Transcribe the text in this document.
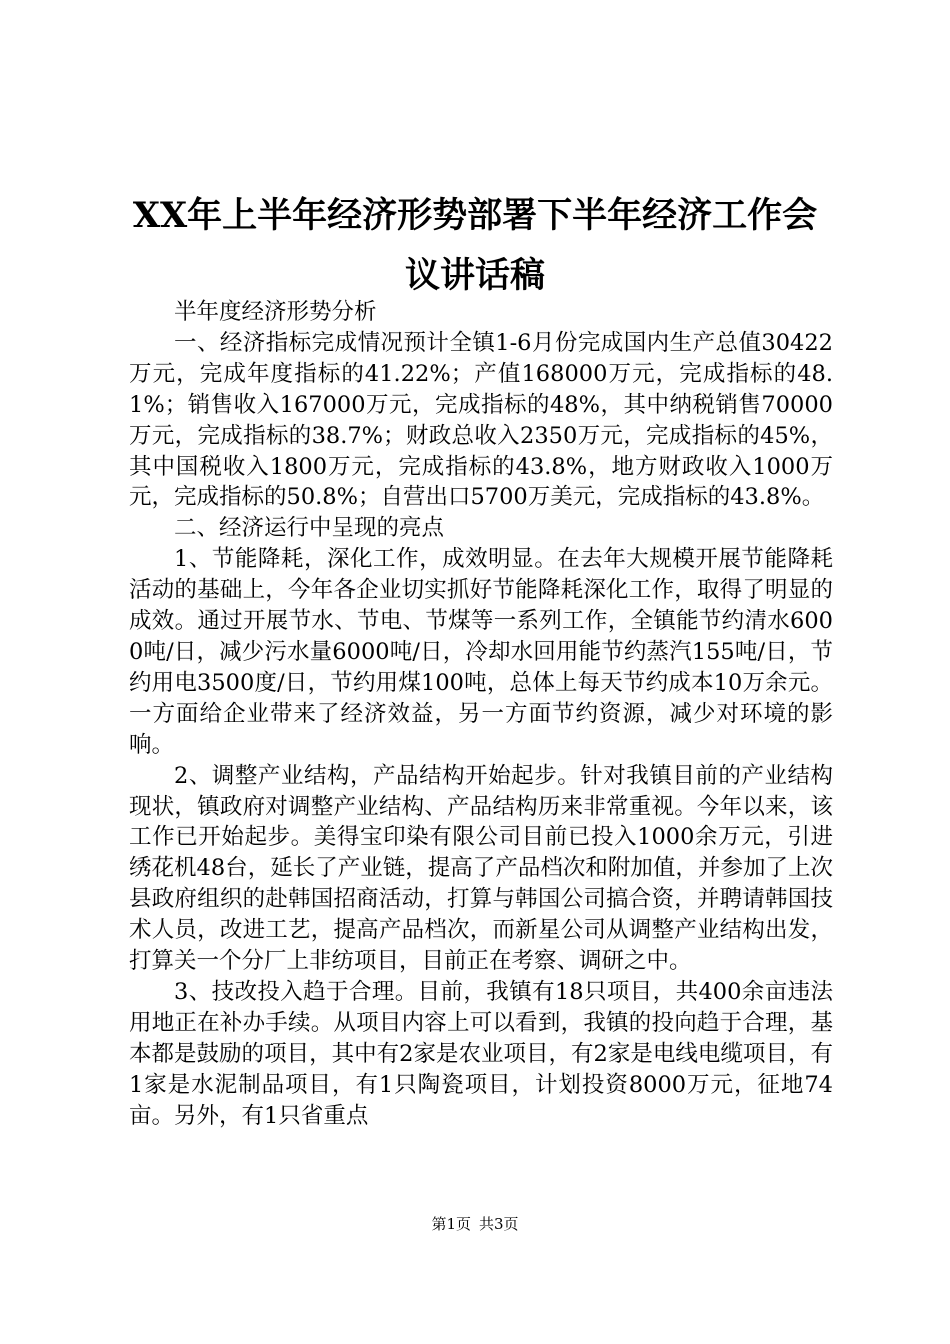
XX年上半年经济形势部署下半年经济工作会议讲话稿

半年度经济形势分析

一、经济指标完成情况预计全镇1-6月份完成国内生产总值30422万元，完成年度指标的41.22%；产值168000万元，完成指标的48.1%；销售收入167000万元，完成指标的48%，其中纳税销售70000万元，完成指标的38.7%；财政总收入2350万元，完成指标的45%，其中国税收入1800万元，完成指标的43.8%，地方财政收入1000万元，完成指标的50.8%；自营出口5700万美元，完成指标的43.8%。

二、经济运行中呈现的亮点

1、节能降耗，深化工作，成效明显。在去年大规模开展节能降耗活动的基础上，今年各企业切实抓好节能降耗深化工作，取得了明显的成效。通过开展节水、节电、节煤等一系列工作，全镇能节约清水6000吨/日，减少污水量6000吨/日，冷却水回用能节约蒸汽155吨/日，节约用电3500度/日，节约用煤100吨，总体上每天节约成本10万余元。一方面给企业带来了经济效益，另一方面节约资源，减少对环境的影响。

2、调整产业结构，产品结构开始起步。针对我镇目前的产业结构现状，镇政府对调整产业结构、产品结构历来非常重视。今年以来，该工作已开始起步。美得宝印染有限公司目前已投入1000余万元，引进绣花机48台，延长了产业链，提高了产品档次和附加值，并参加了上次县政府组织的赴韩国招商活动，打算与韩国公司搞合资，并聘请韩国技术人员，改进工艺，提高产品档次，而新星公司从调整产业结构出发，打算关一个分厂上非纺项目，目前正在考察、调研之中。

3、技改投入趋于合理。目前，我镇有18只项目，共400余亩违法用地正在补办手续。从项目内容上可以看到，我镇的投向趋于合理，基本都是鼓励的项目，其中有2家是农业项目，有2家是电线电缆项目，有1家是水泥制品项目，有1只陶瓷项目，计划投资8000万元，征地74亩。另外，有1只省重点

第1页 共3页
